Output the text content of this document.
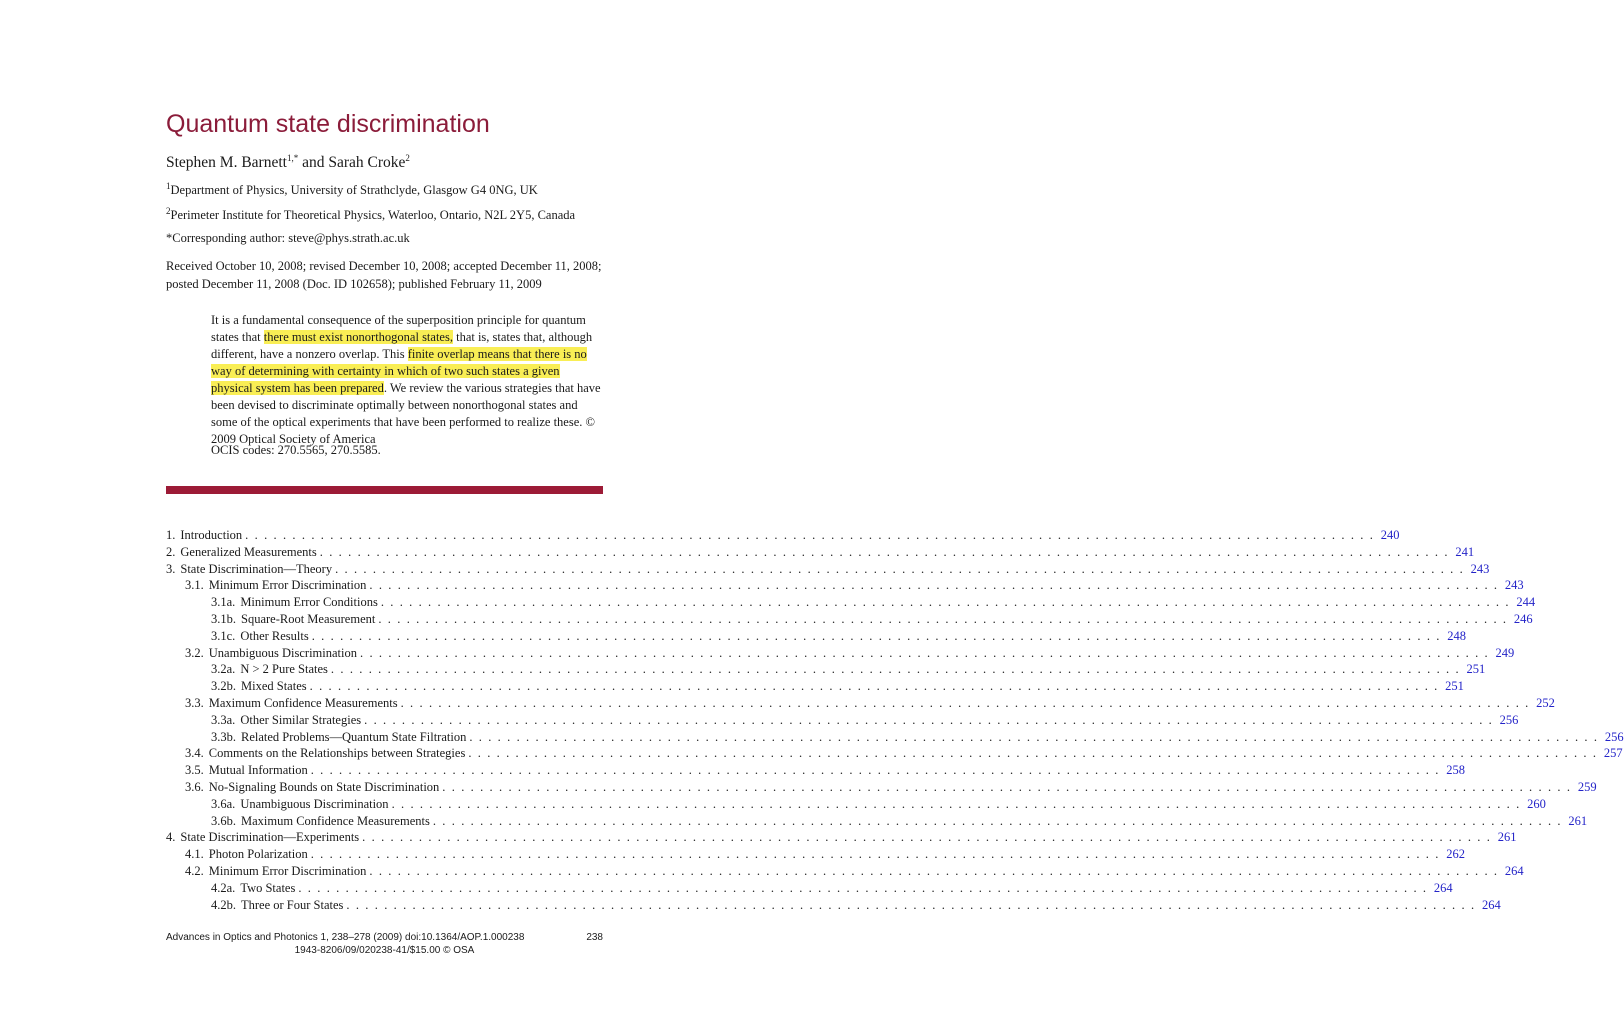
Quantum state discrimination
Stephen M. Barnett$^{1,*}$ and Sarah Croke$^2$
$^1$Department of Physics, University of Strathclyde, Glasgow G4 0NG, UK
$^2$Perimeter Institute for Theoretical Physics, Waterloo, Ontario, N2L 2Y5, Canada
*Corresponding author: steve@phys.strath.ac.uk
Received October 10, 2008; revised December 10, 2008; accepted December 11, 2008; posted December 11, 2008 (Doc. ID 102658); published February 11, 2009
It is a fundamental consequence of the superposition principle for quantum states that there must exist nonorthogonal states, that is, states that, although different, have a nonzero overlap. This finite overlap means that there is no way of determining with certainty in which of two such states a given physical system has been prepared. We review the various strategies that have been devised to discriminate optimally between nonorthogonal states and some of the optical experiments that have been performed to realize these. © 2009 Optical Society of America
OCIS codes: 270.5565, 270.5585.
1. Introduction . . . . . . . . . . . . . . . . . . . . . . . . . . . . . . . . . . . . . . . . . . . . . . . . . . . . . . . . . . . . . . . . . . . . . . . . . . . . . . . . . . . . . . . . . . . . . . . . . . . . . . . . . . . . . . . . . . . . . . . . 240
2. Generalized Measurements . . . . . . . . . . . . . . . . . . . . . . . . . . . . . . . . . . . . . . . . . . . . . . . . . . . . . . . . . . . . . . . . . . . . . . . . . . . . . . . . . . . . . . . . . . . . . . . . . . . . . . . . . . . . . . . . . . . . . . . . 241
3. State Discrimination—Theory . . . . . . . . . . . . . . . . . . . . . . . . . . . . . . . . . . . . . . . . . . . . . . . . . . . . . . . . . . . . . . . . . . . . . . . . . . . . . . . . . . . . . . . . . . . . . . . . . . . . . . . . . . . . . . . . . . . . . . . . 243
3.1. Minimum Error Discrimination . . . . . . . . . . . . . . . . . . . . . . . . . . . . . . . . . . . . . . . . . . . . . . . . . . . . . . . . . . . . . . . . . . . . . . . . . . . . . . . . . . . . . . . . . . . . . . . . . . . . . . . . . . . . . . . . . . . . . . . . 243
3.1a. Minimum Error Conditions . . . . . . . . . . . . . . . . . . . . . . . . . . . . . . . . . . . . . . . . . . . . . . . . . . . . . . . . . . . . . . . . . . . . . . . . . . . . . . . . . . . . . . . . . . . . . . . . . . . . . . . . . . . . . . . . . . . . . . . . 244
3.1b. Square-Root Measurement . . . . . . . . . . . . . . . . . . . . . . . . . . . . . . . . . . . . . . . . . . . . . . . . . . . . . . . . . . . . . . . . . . . . . . . . . . . . . . . . . . . . . . . . . . . . . . . . . . . . . . . . . . . . . . . . . . . . . . . . 246
3.1c. Other Results . . . . . . . . . . . . . . . . . . . . . . . . . . . . . . . . . . . . . . . . . . . . . . . . . . . . . . . . . . . . . . . . . . . . . . . . . . . . . . . . . . . . . . . . . . . . . . . . . . . . . . . . . . . . . . . . . . . . . . . . 248
3.2. Unambiguous Discrimination . . . . . . . . . . . . . . . . . . . . . . . . . . . . . . . . . . . . . . . . . . . . . . . . . . . . . . . . . . . . . . . . . . . . . . . . . . . . . . . . . . . . . . . . . . . . . . . . . . . . . . . . . . . . . . . . . . . . . . . . 249
3.2a. N > 2 Pure States . . . . . . . . . . . . . . . . . . . . . . . . . . . . . . . . . . . . . . . . . . . . . . . . . . . . . . . . . . . . . . . . . . . . . . . . . . . . . . . . . . . . . . . . . . . . . . . . . . . . . . . . . . . . . . . . . . . . . . . . 251
3.2b. Mixed States . . . . . . . . . . . . . . . . . . . . . . . . . . . . . . . . . . . . . . . . . . . . . . . . . . . . . . . . . . . . . . . . . . . . . . . . . . . . . . . . . . . . . . . . . . . . . . . . . . . . . . . . . . . . . . . . . . . . . . . . 251
3.3. Maximum Confidence Measurements . . . . . . . . . . . . . . . . . . . . . . . . . . . . . . . . . . . . . . . . . . . . . . . . . . . . . . . . . . . . . . . . . . . . . . . . . . . . . . . . . . . . . . . . . . . . . . . . . . . . . . . . . . . . . . . . . . . . . . . . 252
3.3a. Other Similar Strategies . . . . . . . . . . . . . . . . . . . . . . . . . . . . . . . . . . . . . . . . . . . . . . . . . . . . . . . . . . . . . . . . . . . . . . . . . . . . . . . . . . . . . . . . . . . . . . . . . . . . . . . . . . . . . . . . . . . . . . . . 256
3.3b. Related Problems—Quantum State Filtration . . . . . . . . . . . . . . . . . . . . . . . . . . . . . . . . . . . . . . . . . . . . . . . . . . . . . . . . . . . . . . . . . . . . . . . . . . . . . . . . . . . . . . . . . . . . . . . . . . . . . . . . . . . . . . . . . . . . . . . . 256
3.4. Comments on the Relationships between Strategies . . . . . . . . . . . . . . . . . . . . . . . . . . . . . . . . . . . . . . . . . . . . . . . . . . . . . . . . . . . . . . . . . . . . . . . . . . . . . . . . . . . . . . . . . . . . . . . . . . . . . . . . . . . . . . . . . . . . . . . . 257
3.5. Mutual Information . . . . . . . . . . . . . . . . . . . . . . . . . . . . . . . . . . . . . . . . . . . . . . . . . . . . . . . . . . . . . . . . . . . . . . . . . . . . . . . . . . . . . . . . . . . . . . . . . . . . . . . . . . . . . . . . . . . . . . . . 258
3.6. No-Signaling Bounds on State Discrimination . . . . . . . . . . . . . . . . . . . . . . . . . . . . . . . . . . . . . . . . . . . . . . . . . . . . . . . . . . . . . . . . . . . . . . . . . . . . . . . . . . . . . . . . . . . . . . . . . . . . . . . . . . . . . . . . . . . . . . . . 259
3.6a. Unambiguous Discrimination . . . . . . . . . . . . . . . . . . . . . . . . . . . . . . . . . . . . . . . . . . . . . . . . . . . . . . . . . . . . . . . . . . . . . . . . . . . . . . . . . . . . . . . . . . . . . . . . . . . . . . . . . . . . . . . . . . . . . . . . 260
3.6b. Maximum Confidence Measurements . . . . . . . . . . . . . . . . . . . . . . . . . . . . . . . . . . . . . . . . . . . . . . . . . . . . . . . . . . . . . . . . . . . . . . . . . . . . . . . . . . . . . . . . . . . . . . . . . . . . . . . . . . . . . . . . . . . . . . . . 261
4. State Discrimination—Experiments . . . . . . . . . . . . . . . . . . . . . . . . . . . . . . . . . . . . . . . . . . . . . . . . . . . . . . . . . . . . . . . . . . . . . . . . . . . . . . . . . . . . . . . . . . . . . . . . . . . . . . . . . . . . . . . . . . . . . . . . 261
4.1. Photon Polarization . . . . . . . . . . . . . . . . . . . . . . . . . . . . . . . . . . . . . . . . . . . . . . . . . . . . . . . . . . . . . . . . . . . . . . . . . . . . . . . . . . . . . . . . . . . . . . . . . . . . . . . . . . . . . . . . . . . . . . . . 262
4.2. Minimum Error Discrimination . . . . . . . . . . . . . . . . . . . . . . . . . . . . . . . . . . . . . . . . . . . . . . . . . . . . . . . . . . . . . . . . . . . . . . . . . . . . . . . . . . . . . . . . . . . . . . . . . . . . . . . . . . . . . . . . . . . . . . . . 264
4.2a. Two States . . . . . . . . . . . . . . . . . . . . . . . . . . . . . . . . . . . . . . . . . . . . . . . . . . . . . . . . . . . . . . . . . . . . . . . . . . . . . . . . . . . . . . . . . . . . . . . . . . . . . . . . . . . . . . . . . . . . . . . . 264
4.2b. Three or Four States . . . . . . . . . . . . . . . . . . . . . . . . . . . . . . . . . . . . . . . . . . . . . . . . . . . . . . . . . . . . . . . . . . . . . . . . . . . . . . . . . . . . . . . . . . . . . . . . . . . . . . . . . . . . . . . . . . . . . . . . 264
Advances in Optics and Photonics 1, 238–278 (2009) doi:10.1364/AOP.1.000238	238
1943-8206/09/020238-41/$15.00 © OSA
